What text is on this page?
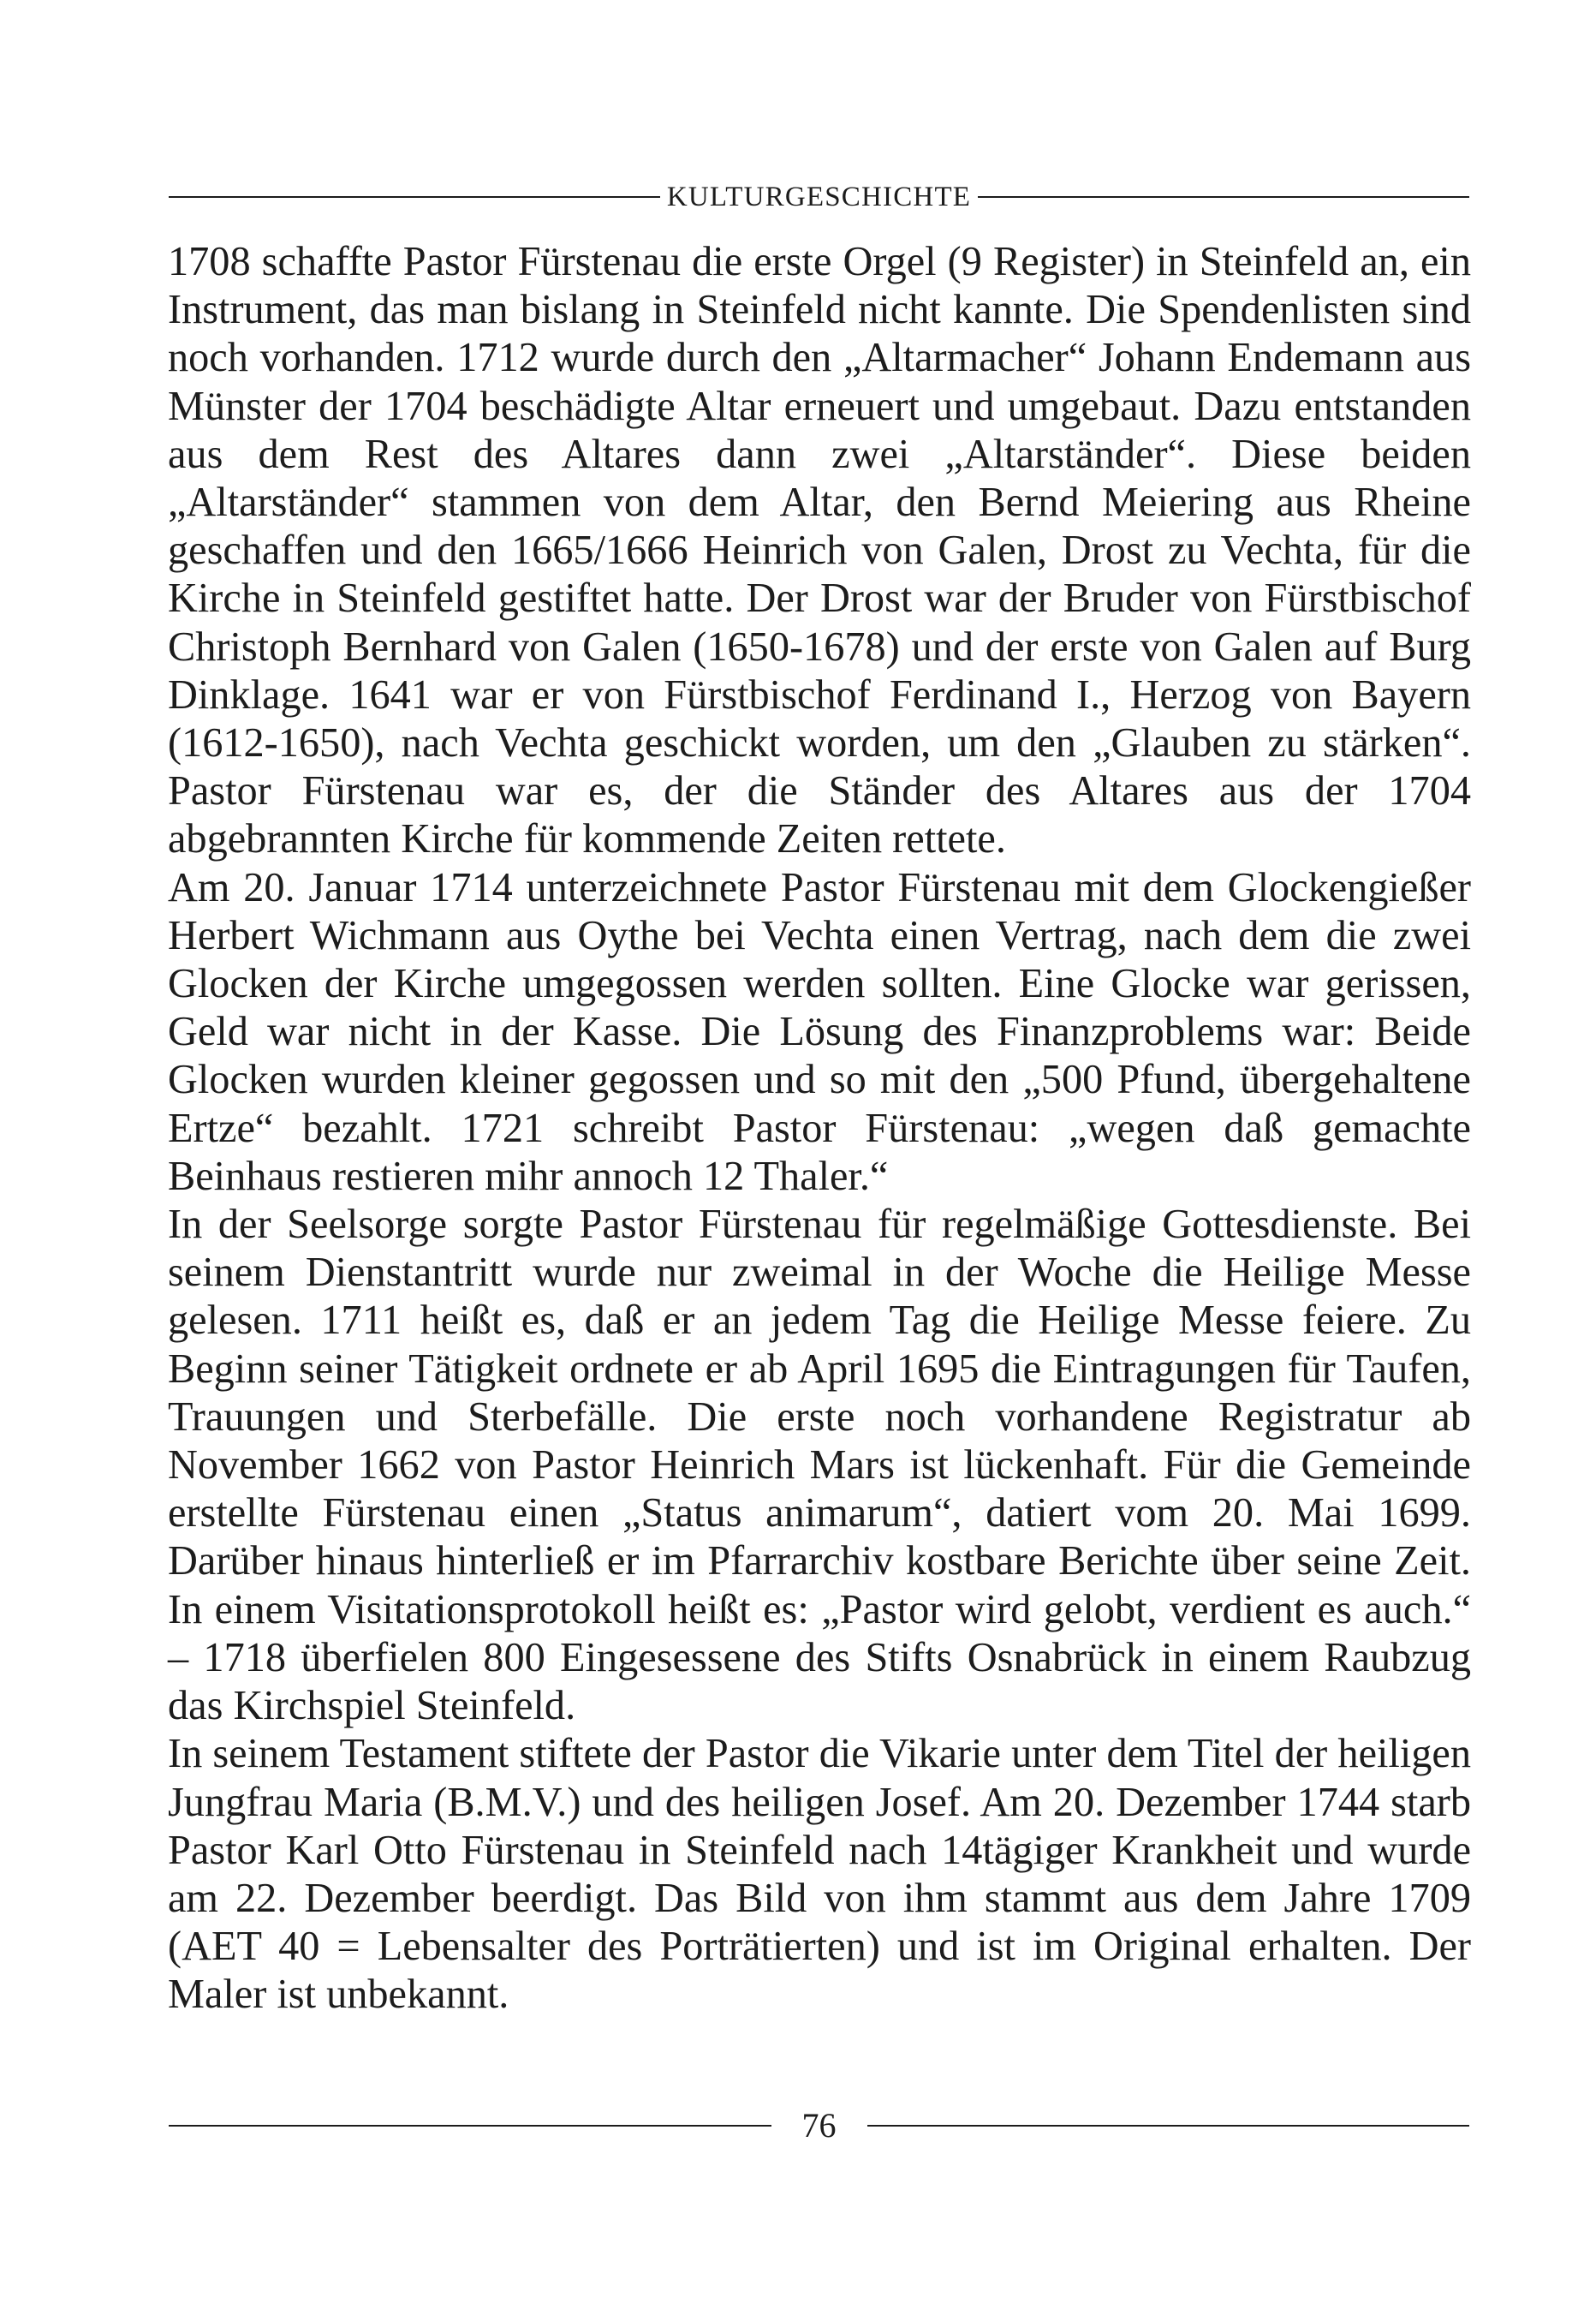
KULTURGESCHICHTE

1708 schaffte Pastor Fürstenau die erste Orgel (9 Register) in Steinfeld an, ein Instrument, das man bislang in Steinfeld nicht kannte. Die Spendenlisten sind noch vorhanden. 1712 wurde durch den „Altarmacher“ Johann Endemann aus Münster der 1704 beschädigte Altar erneuert und umgebaut. Dazu entstanden aus dem Rest des Altares dann zwei „Altarständer“. Diese beiden „Altarständer“ stammen von dem Altar, den Bernd Meiering aus Rheine geschaffen und den 1665/1666 Heinrich von Galen, Drost zu Vechta, für die Kirche in Steinfeld gestiftet hatte. Der Drost war der Bruder von Fürstbischof Christoph Bernhard von Galen (1650-1678) und der erste von Galen auf Burg Dinklage. 1641 war er von Fürstbischof Ferdinand I., Herzog von Bayern (1612-1650), nach Vechta geschickt worden, um den „Glauben zu stärken“. Pastor Fürstenau war es, der die Ständer des Altares aus der 1704 abgebrannten Kirche für kommende Zeiten rettete.

Am 20. Januar 1714 unterzeichnete Pastor Fürstenau mit dem Glockengießer Herbert Wichmann aus Oythe bei Vechta einen Vertrag, nach dem die zwei Glocken der Kirche umgegossen werden sollten. Eine Glocke war gerissen, Geld war nicht in der Kasse. Die Lösung des Finanzproblems war: Beide Glocken wurden kleiner gegossen und so mit den „500 Pfund, übergehaltene Ertze“ bezahlt. 1721 schreibt Pastor Fürstenau: „wegen daß gemachte Beinhaus restieren mihr annoch 12 Thaler.“

In der Seelsorge sorgte Pastor Fürstenau für regelmäßige Gottesdienste. Bei seinem Dienstantritt wurde nur zweimal in der Woche die Heilige Messe gelesen. 1711 heißt es, daß er an jedem Tag die Heilige Messe feiere. Zu Beginn seiner Tätigkeit ordnete er ab April 1695 die Eintragungen für Taufen, Trauungen und Sterbefälle. Die erste noch vorhandene Registratur ab November 1662 von Pastor Heinrich Mars ist lückenhaft. Für die Gemeinde erstellte Fürstenau einen „Status animarum“, datiert vom 20. Mai 1699. Darüber hinaus hinterließ er im Pfarrarchiv kostbare Berichte über seine Zeit. In einem Visitationsprotokoll heißt es: „Pastor wird gelobt, verdient es auch.“ – 1718 überfielen 800 Eingesessene des Stifts Osnabrück in einem Raubzug das Kirchspiel Steinfeld.

In seinem Testament stiftete der Pastor die Vikarie unter dem Titel der heiligen Jungfrau Maria (B.M.V.) und des heiligen Josef. Am 20. Dezember 1744 starb Pastor Karl Otto Fürstenau in Steinfeld nach 14tägiger Krankheit und wurde am 22. Dezember beerdigt. Das Bild von ihm stammt aus dem Jahre 1709 (AET 40 = Lebensalter des Porträtierten) und ist im Original erhalten. Der Maler ist unbekannt.

76
